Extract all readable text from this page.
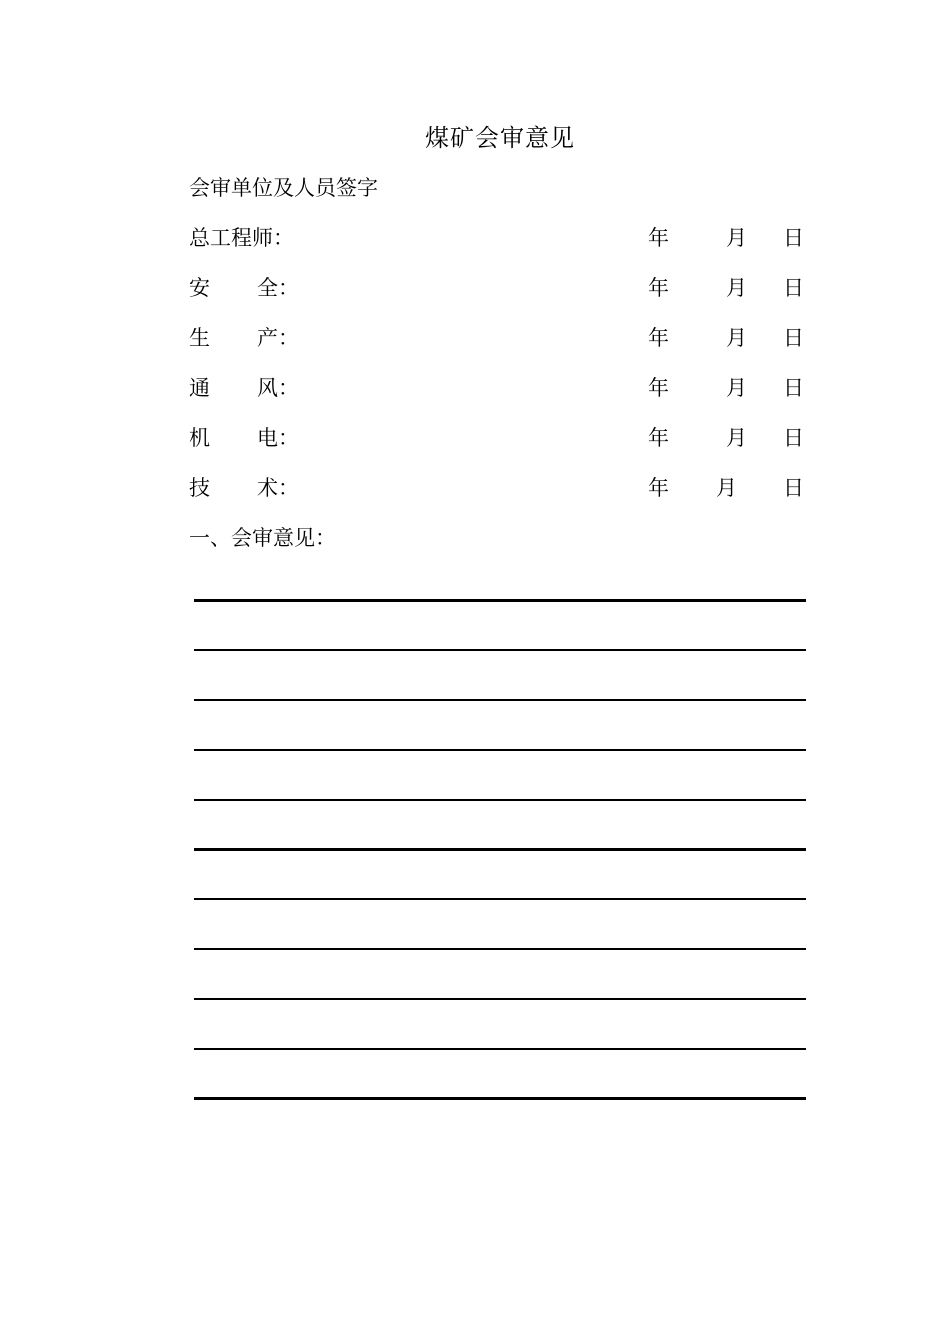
煤矿会审意见
会审单位及人员签字
总工程师：	年	月 日
安 全：	年	月 日
生 产：	年	月 日
通 风：	年	月 日
机 电：	年	月 日
技 术：	年 月 日
一、会审意见：
